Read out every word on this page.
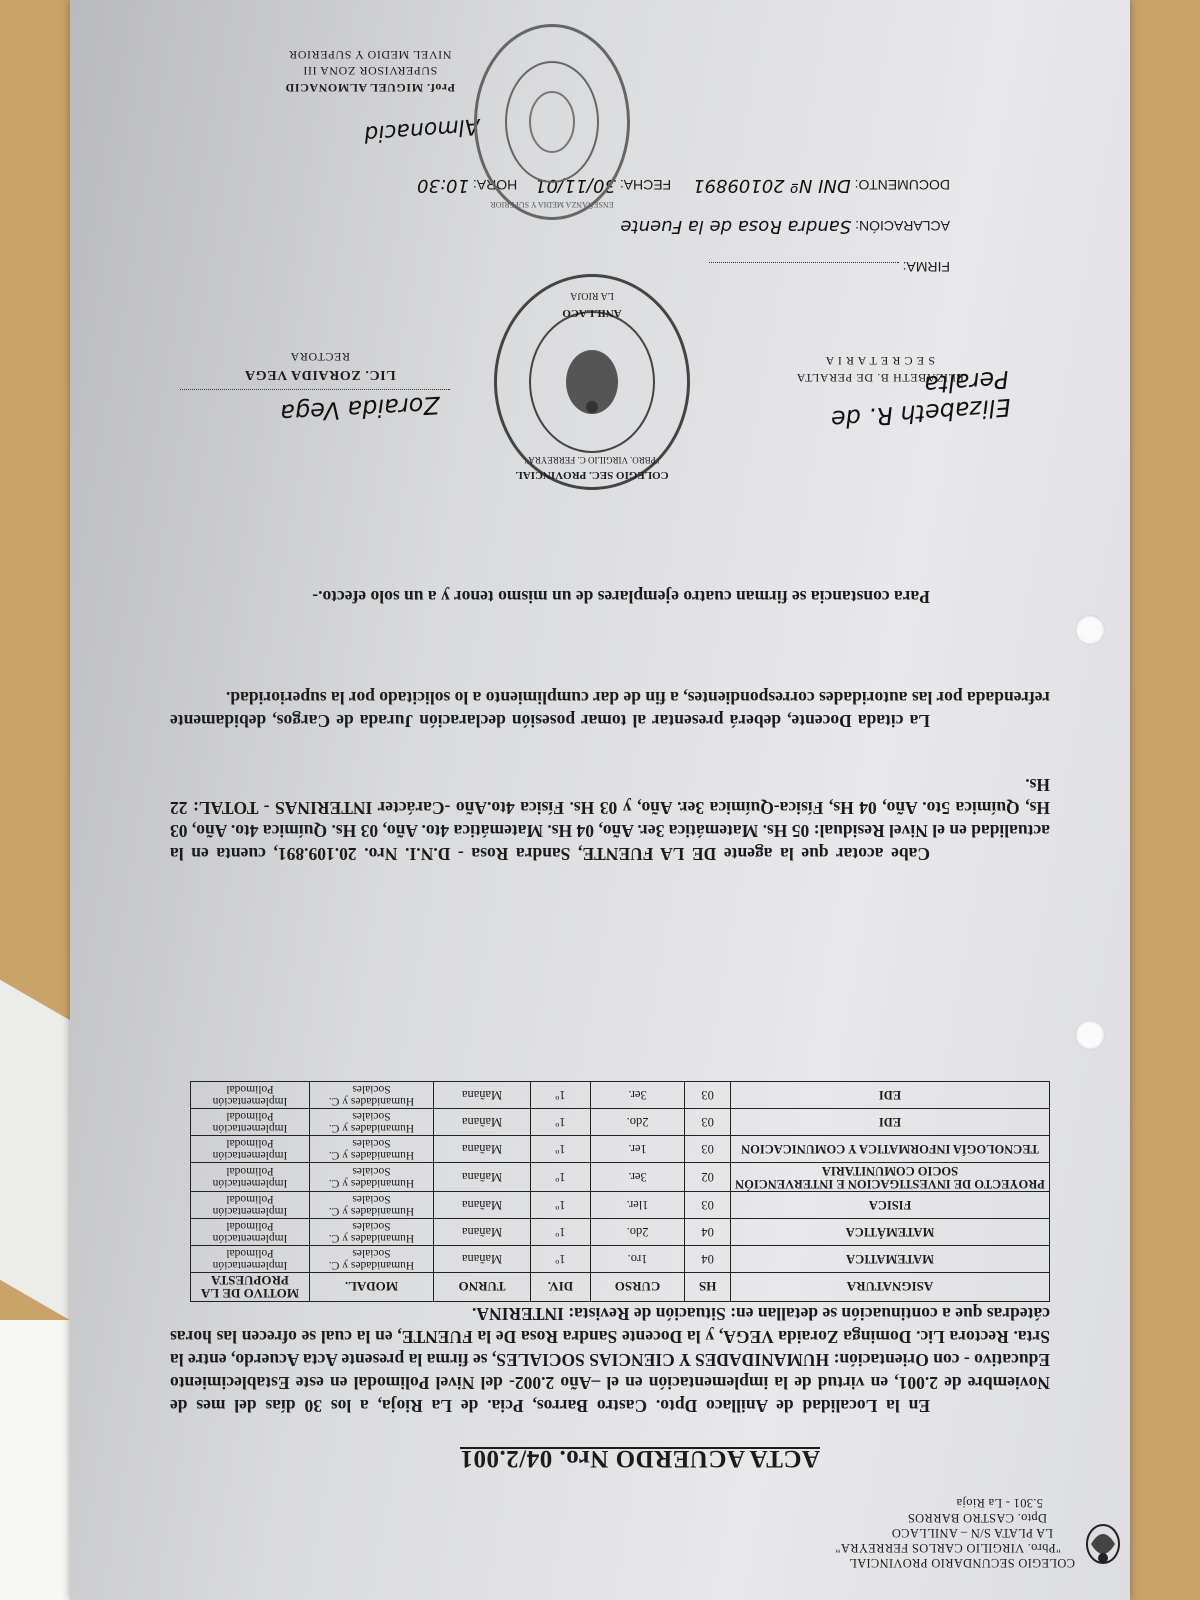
COLEGIO SECUNDARIO PROVINCIAL
"Pbro. VIRGILIO CARLOS FERREYRA"
LA PLATA S/N – ANILLACO
Dpto. CASTRO BARROS
5.301 - La Rioja
ACTA ACUERDO Nro. 04/2.001
En la Localidad de Anillaco Dpto. Castro Barros, Pcia. de La Rioja, a los 30 días del mes de Noviembre de 2.001, en virtud de la implementación en el –Año 2.002- del Nivel Polimodal en este Establecimiento Educativo - con Orientación: HUMANIDADES Y CIENCIAS SOCIALES, se firma la presente Acta Acuerdo, entre la Srta. Rectora Lic. Dominga Zoraida VEGA, y la Docente Sandra Rosa De la FUENTE, en la cual se ofrecen las horas cátedras que a continuación se detallan en: Situación de Revista: INTERINA.
ASIGNATURA	HS	CURSO	DIV.	TURNO	MODAL.	MOTIVO DE LA PROPUESTA
MATEMATICA	04	1ro.	1º	Mañana	Humanidades y C. Sociales	Implementación Polimodal
MATEMÁTICA	04	2do.	1º	Mañana	Humanidades y C. Sociales	Implementación Polimodal
FISICA	03	1ler.	1º	Mañana	Humanidades y C. Sociales	Implementación Polimodal
PROYECTO DE INVESTIGACION E INTERVENCIÓN SOCIO COMUNITARIA	02	3er.	1º	Mañana	Humanidades y C. Sociales	Implementación Polimodal
TECNOLOGÍA INFORMATICA Y COMUNICACION	03	1er.	1º	Mañana	Humanidades y C. Sociales	Implementación Polimodal
EDI	03	2do.	1º	Mañana	Humanidades y C. Sociales	Implementación Polimodal
EDI	03	3er.	1º	Mañana	Humanidades y C. Sociales	Implementación Polimodal
Cabe acotar que la agente DE LA FUENTE, Sandra Rosa - D.N.I. Nro. 20.109.891, cuenta en la actualidad en el Nivel Residual: 05 Hs. Matemática 3er. Año, 04 Hs. Matemática 4to. Año, 03 Hs. Química 4to. Año, 03 Hs, Química 5to. Año, 04 Hs, Física-Química 3er. Año, y 03 Hs. Física 4to.Año -Carácter INTERINAS - TOTAL: 22 Hs.
La citada Docente, deberá presentar al tomar posesión declaración Jurada de Cargos, debidamente refrendada por las autoridades correspondientes, a fin de dar cumplimiento a lo solicitado por la superioridad.
Para constancia se firman cuatro ejemplares de un mismo tenor y a un solo efecto.-
Elizabeth R. de Peralta
ELIZABETH B. DE PERALTA
S E C R E T A R I A
COLEGIO SEC. PROVINCIAL
"PBRO. VIRGILIO C. FERREYRA"
ANILLACO
LA RIOJA
Zoraida Vega
LIC. ZORAIDA VEGA
RECTORA
FIRMA:
ACLARACIÓN: Sandra Rosa de la Fuente
DOCUMENTO: DNI Nº 20109891 FECHA: 30/11/01 HORA: 10:30
Almonacid
Prof. MIGUEL ALMONACID
SUPERVISOR ZONA III
NIVEL MEDIO Y SUPERIOR
ENSEÑANZA MEDIA Y SUPERIOR
